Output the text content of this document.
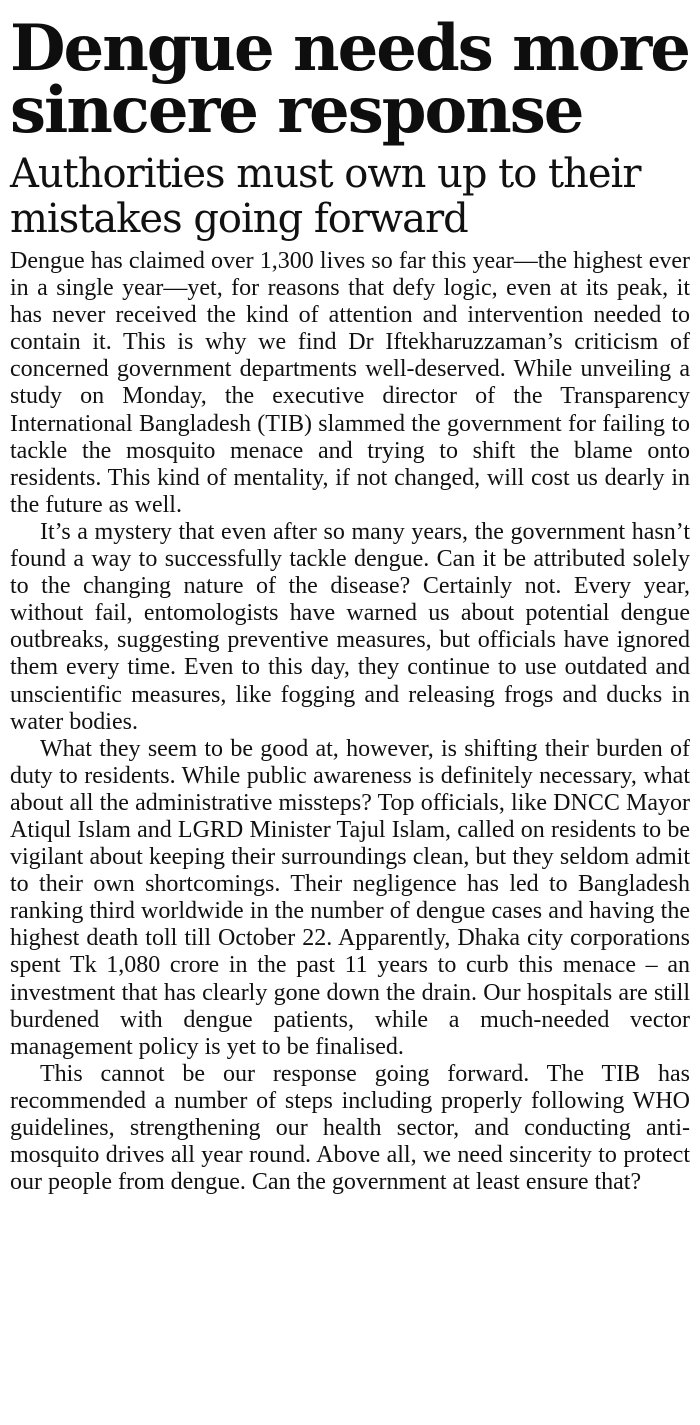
Dengue needs more sincere response
Authorities must own up to their mistakes going forward

Dengue has claimed over 1,300 lives so far this year—the highest ever in a single year—yet, for reasons that defy logic, even at its peak, it has never received the kind of attention and intervention needed to contain it. This is why we find Dr Iftekharuzzaman’s criticism of concerned government departments well-deserved. While unveiling a study on Monday, the executive director of the Transparency International Bangladesh (TIB) slammed the government for failing to tackle the mosquito menace and trying to shift the blame onto residents. This kind of mentality, if not changed, will cost us dearly in the future as well.

It’s a mystery that even after so many years, the government hasn’t found a way to successfully tackle dengue. Can it be attributed solely to the changing nature of the disease? Certainly not. Every year, without fail, entomologists have warned us about potential dengue outbreaks, suggesting preventive measures, but officials have ignored them every time. Even to this day, they continue to use outdated and unscientific measures, like fogging and releasing frogs and ducks in water bodies.

What they seem to be good at, however, is shifting their burden of duty to residents. While public awareness is definitely necessary, what about all the administrative missteps? Top officials, like DNCC Mayor Atiqul Islam and LGRD Minister Tajul Islam, called on residents to be vigilant about keeping their surroundings clean, but they seldom admit to their own shortcomings. Their negligence has led to Bangladesh ranking third worldwide in the number of dengue cases and having the highest death toll till October 22. Apparently, Dhaka city corporations spent Tk 1,080 crore in the past 11 years to curb this menace – an investment that has clearly gone down the drain. Our hospitals are still burdened with dengue patients, while a much-needed vector management policy is yet to be finalised.

This cannot be our response going forward. The TIB has recommended a number of steps including properly following WHO guidelines, strengthening our health sector, and conducting anti-mosquito drives all year round. Above all, we need sincerity to protect our people from dengue. Can the government at least ensure that?
